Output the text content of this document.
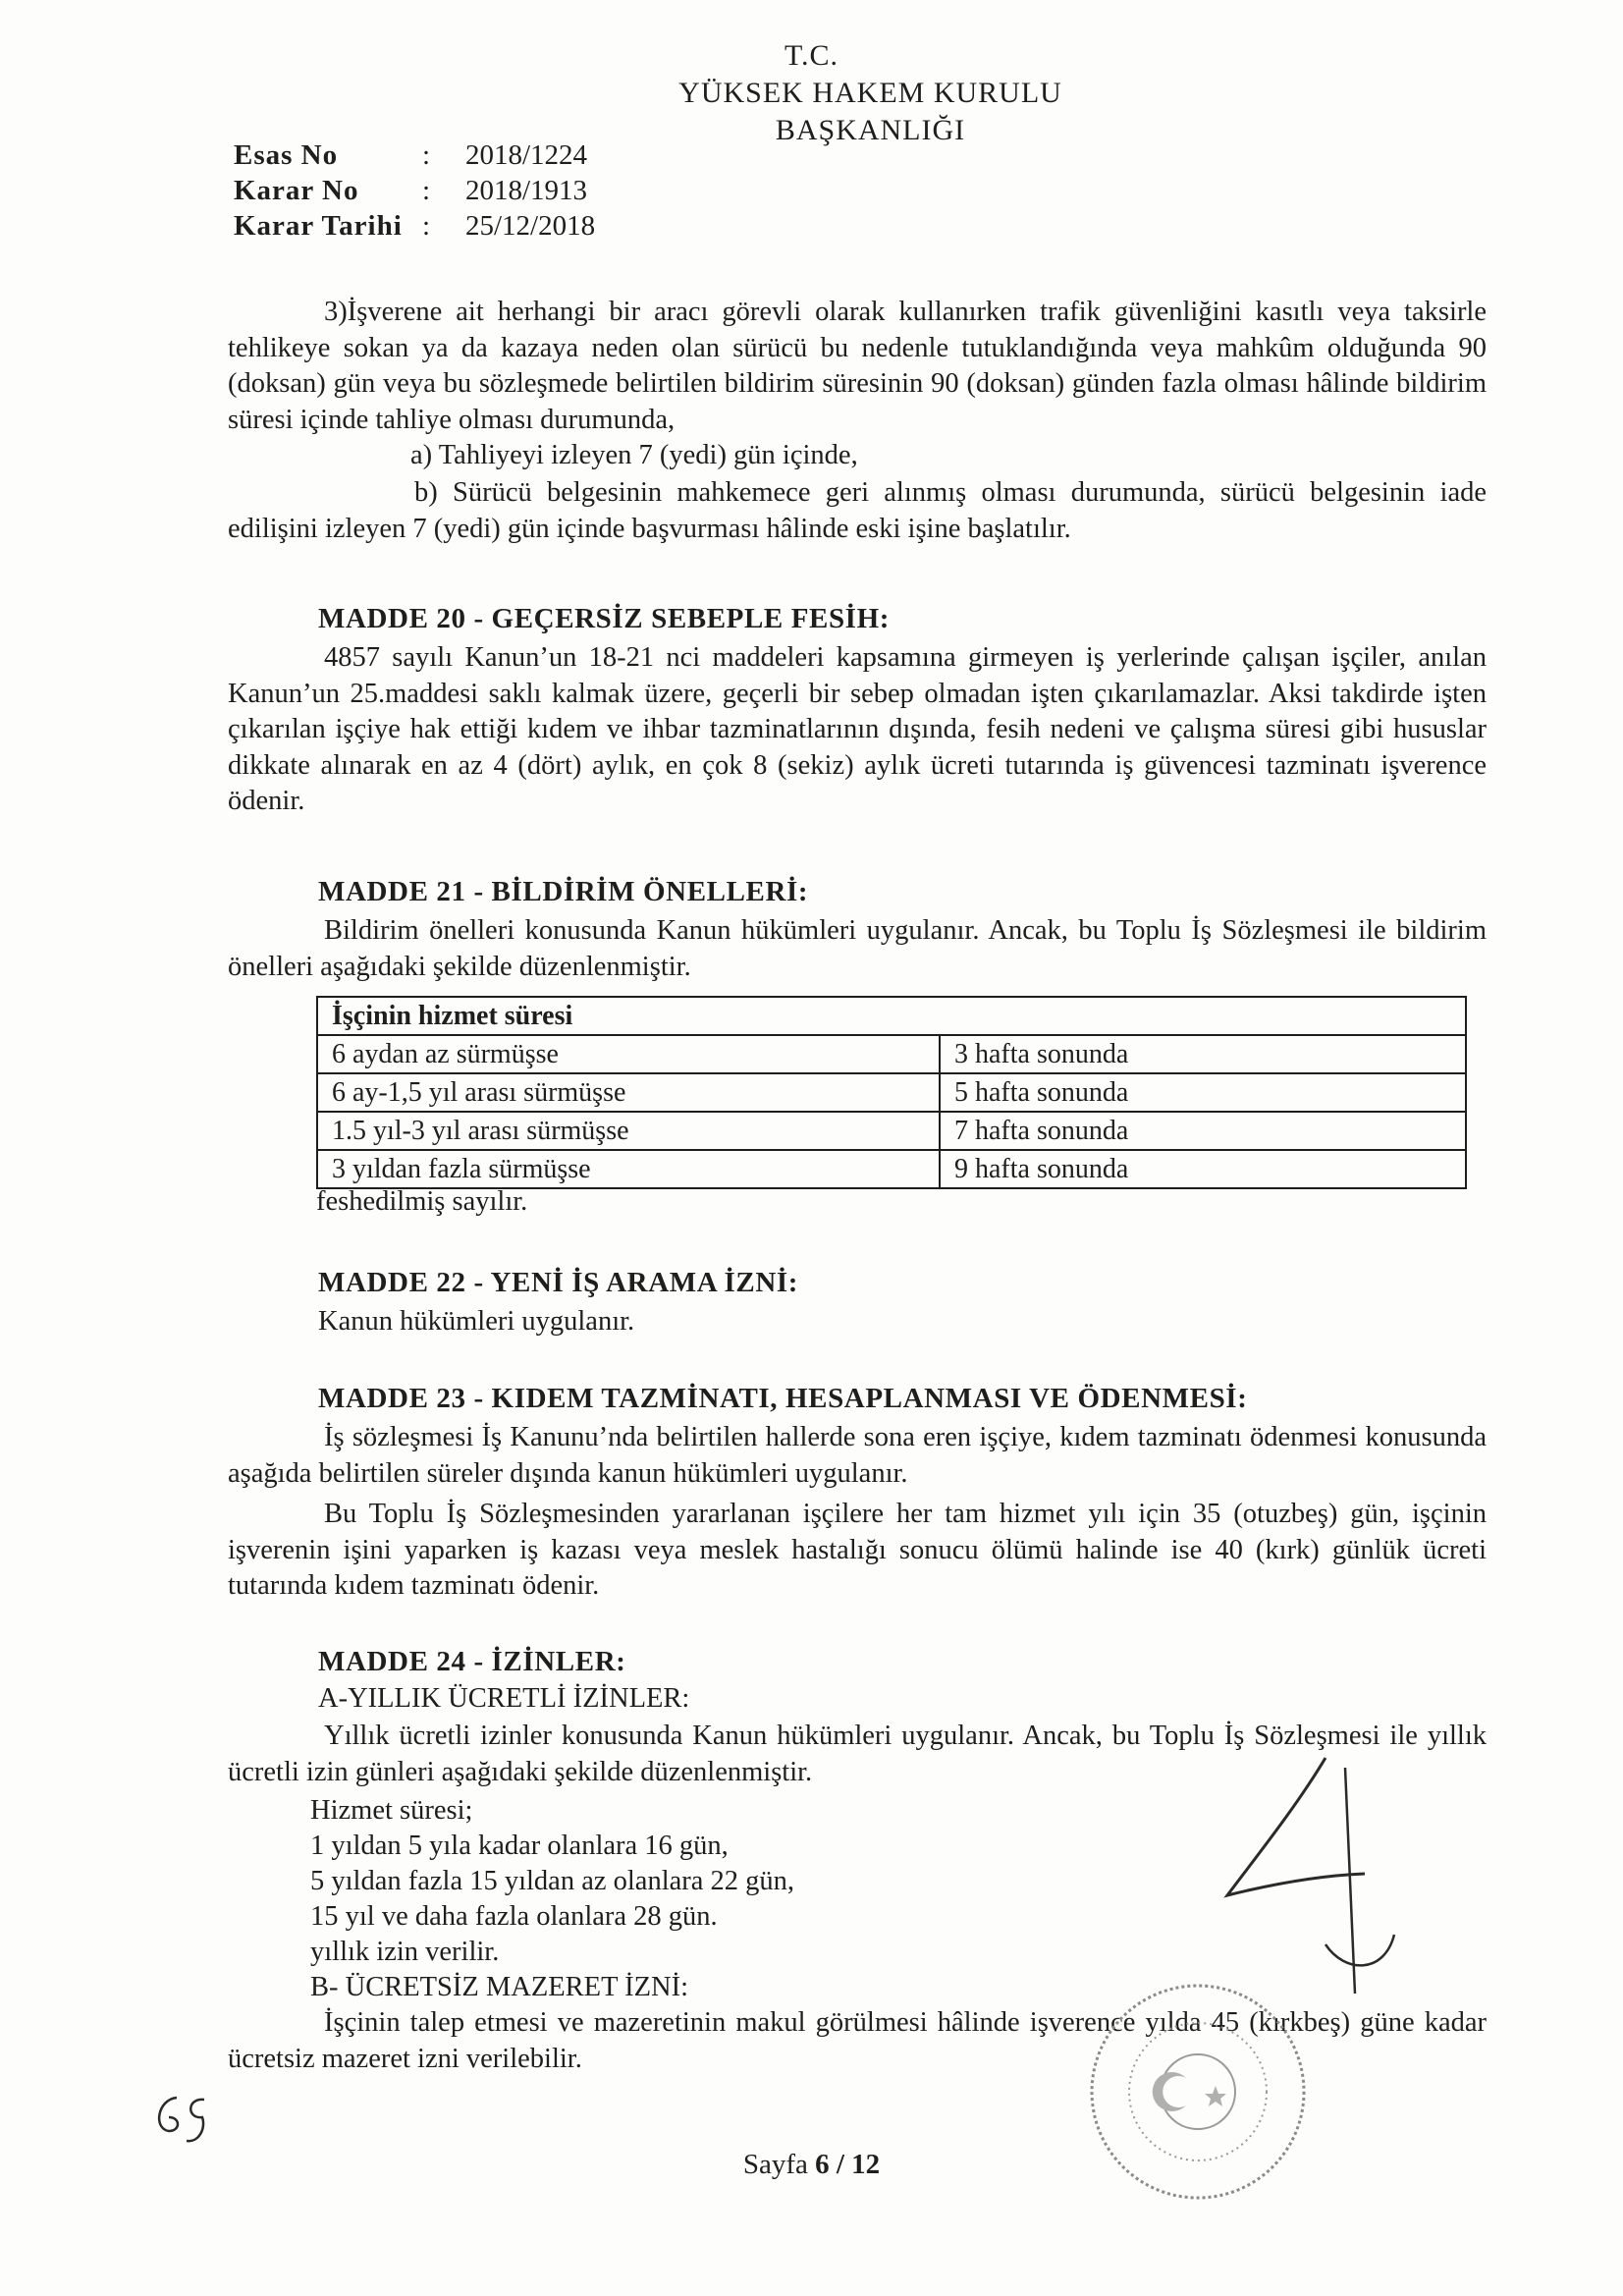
T.C.
YÜKSEK HAKEM KURULU
BAŞKANLIĞI
Esas No	:	2018/1224
Karar No	:	2018/1913
Karar Tarihi :	25/12/2018
3)İşverene ait herhangi bir aracı görevli olarak kullanırken trafik güvenliğini kasıtlı veya taksirle tehlikeye sokan ya da kazaya neden olan sürücü bu nedenle tutuklandığında veya mahkûm olduğunda 90 (doksan) gün veya bu sözleşmede belirtilen bildirim süresinin 90 (doksan) günden fazla olması hâlinde bildirim süresi içinde tahliye olması durumunda,
a) Tahliyeyi izleyen 7 (yedi) gün içinde,
b) Sürücü belgesinin mahkemece geri alınmış olması durumunda, sürücü belgesinin iade edilişini izleyen 7 (yedi) gün içinde başvurması hâlinde eski işine başlatılır.
MADDE 20 - GEÇERSİZ SEBEPLE FESİH:
4857 sayılı Kanun’un 18-21 nci maddeleri kapsamına girmeyen iş yerlerinde çalışan işçiler, anılan Kanun’un 25.maddesi saklı kalmak üzere, geçerli bir sebep olmadan işten çıkarılamazlar. Aksi takdirde işten çıkarılan işçiye hak ettiği kıdem ve ihbar tazminatlarının dışında, fesih nedeni ve çalışma süresi gibi hususlar dikkate alınarak en az 4 (dört) aylık, en çok 8 (sekiz) aylık ücreti tutarında iş güvencesi tazminatı işverence ödenir.
MADDE 21 - BİLDİRİM ÖNELLERİ:
Bildirim önelleri konusunda Kanun hükümleri uygulanır. Ancak, bu Toplu İş Sözleşmesi ile bildirim önelleri aşağıdaki şekilde düzenlenmiştir.
İşçinin hizmet süresi	
6 aydan az sürmüşse	3 hafta sonunda
6 ay-1,5 yıl arası sürmüşse	5 hafta sonunda
1.5 yıl-3 yıl arası sürmüşse	7 hafta sonunda
3 yıldan fazla sürmüşse	9 hafta sonunda
feshedilmiş sayılır.
MADDE 22 - YENİ İŞ ARAMA İZNİ:
Kanun hükümleri uygulanır.
MADDE 23 - KIDEM TAZMİNATI, HESAPLANMASI VE ÖDENMESİ:
İş sözleşmesi İş Kanunu’nda belirtilen hallerde sona eren işçiye, kıdem tazminatı ödenmesi konusunda aşağıda belirtilen süreler dışında kanun hükümleri uygulanır.
Bu Toplu İş Sözleşmesinden yararlanan işçilere her tam hizmet yılı için 35 (otuzbeş) gün, işçinin işverenin işini yaparken iş kazası veya meslek hastalığı sonucu ölümü halinde ise 40 (kırk) günlük ücreti tutarında kıdem tazminatı ödenir.
MADDE 24 - İZİNLER:
A-YILLIK ÜCRETLİ İZİNLER:
Yıllık ücretli izinler konusunda Kanun hükümleri uygulanır. Ancak, bu Toplu İş Sözleşmesi ile yıllık ücretli izin günleri aşağıdaki şekilde düzenlenmiştir.
Hizmet süresi;
1 yıldan 5 yıla kadar olanlara 16 gün,
5 yıldan fazla 15 yıldan az olanlara 22 gün,
15 yıl ve daha fazla olanlara 28 gün.
yıllık izin verilir.
B- ÜCRETSİZ MAZERET İZNİ:
İşçinin talep etmesi ve mazeretinin makul görülmesi hâlinde işverence yılda 45 (kırkbeş) güne kadar ücretsiz mazeret izni verilebilir.
Sayfa 6 / 12
